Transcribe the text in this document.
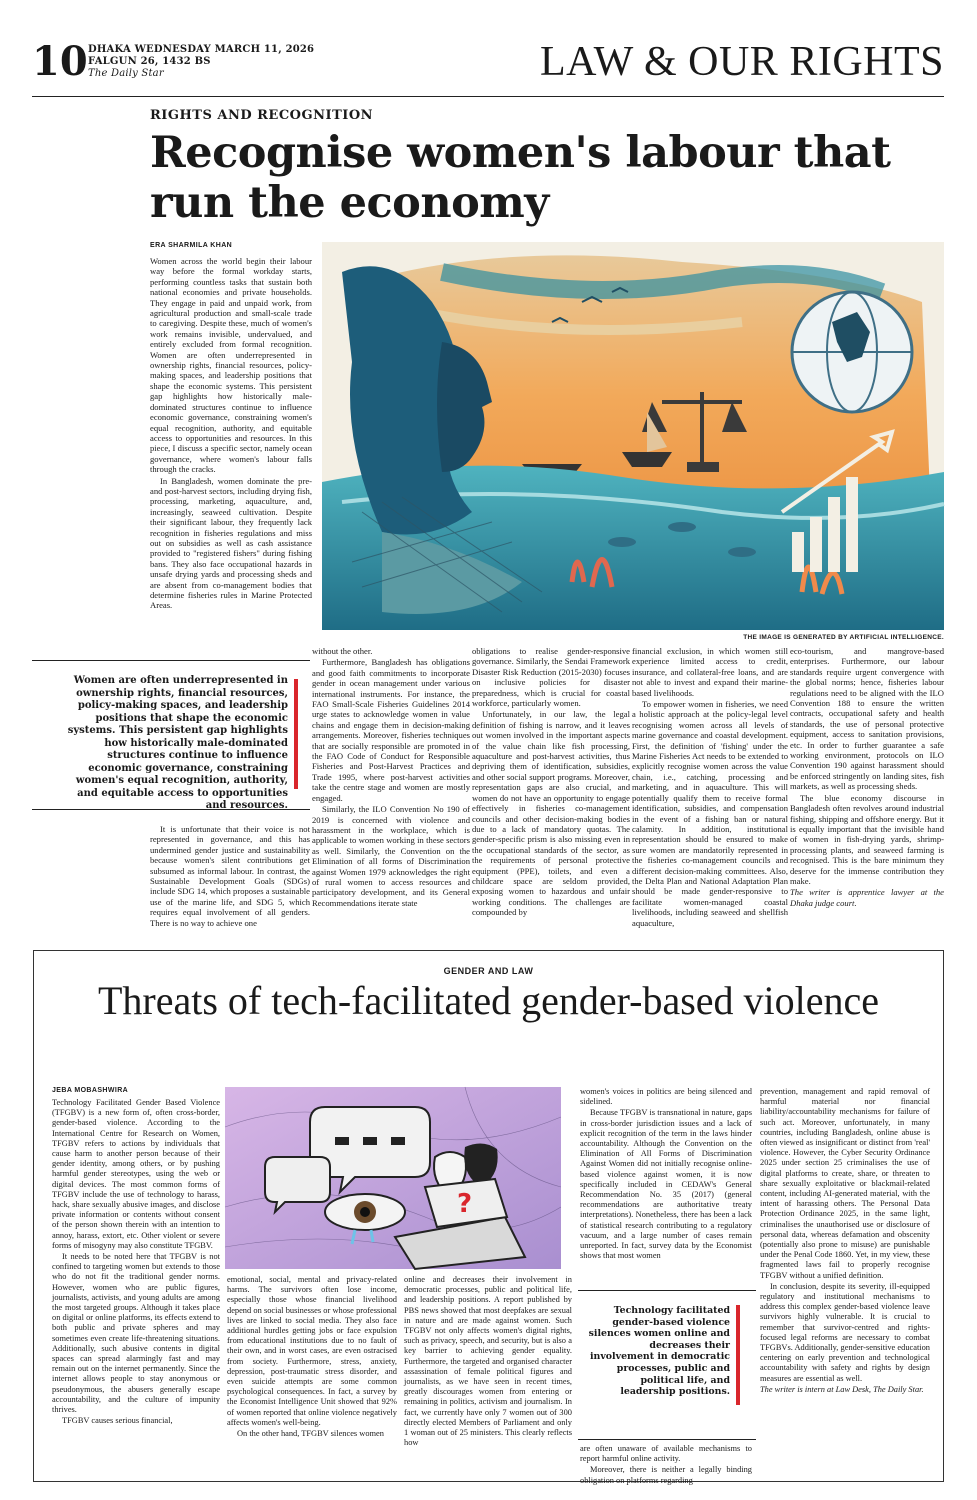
10 DHAKA WEDNESDAY MARCH 11, 2026
FALGUN 26, 1432 BS
The Daily Star	LAW & OUR RIGHTS
RIGHTS AND RECOGNITION
Recognise women's labour that run the economy
ERA SHARMILA KHAN

Women across the world begin their labour way before the formal workday starts, performing countless tasks that sustain both national economies and private households. They engage in paid and unpaid work, from agricultural production and small-scale trade to caregiving. Despite these, much of women's work remains invisible, undervalued, and entirely excluded from formal recognition. Women are often underrepresented in ownership rights, financial resources, policy-making spaces, and leadership positions that shape the economic systems. This persistent gap highlights how historically male-dominated structures continue to influence economic governance, constraining women's equal recognition, authority, and equitable access to opportunities and resources. In this piece, I discuss a specific sector, namely ocean governance, where women's labour falls through the cracks.

In Bangladesh, women dominate the pre- and post-harvest sectors, including drying fish, processing, marketing, aquaculture, and, increasingly, seaweed cultivation. Despite their significant labour, they frequently lack recognition in fisheries regulations and miss out on subsidies as well as cash assistance provided to "registered fishers" during fishing bans. They also face occupational hazards in unsafe drying yards and processing sheds and are absent from co-management bodies that determine fisheries rules in Marine Protected Areas.

THE IMAGE IS GENERATED BY ARTIFICIAL INTELLIGENCE.
Women are often underrepresented in ownership rights, financial resources, policy-making spaces, and leadership positions that shape the economic systems. This persistent gap highlights how historically male-dominated structures continue to influence economic governance, constraining women's equal recognition, authority, and equitable access to opportunities and resources.

It is unfortunate that their voice is not represented in governance, and this has undermined gender justice and sustainability because women's silent contributions get subsumed as informal labour. In contrast, the Sustainable Development Goals (SDGs) include SDG 14, which proposes a sustainable use of the marine life, and SDG 5, which requires equal involvement of all genders. There is no way to achieve one

without the other.

Furthermore, Bangladesh has obligations and good faith commitments to incorporate gender in ocean management under various international instruments. For instance, the FAO Small-Scale Fisheries Guidelines 2014 urge states to acknowledge women in value chains and engage them in decision-making arrangements. Moreover, fisheries techniques that are socially responsible are promoted in the FAO Code of Conduct for Responsible Fisheries and Post-Harvest Practices and Trade 1995, where post-harvest activities take the centre stage and women are mostly engaged.

Similarly, the ILO Convention No 190 of 2019 is concerned with violence and harassment in the workplace, which is applicable to women working in these sectors as well. Similarly, the Convention on the Elimination of all forms of Discrimination against Women 1979 acknowledges the right of rural women to access resources and participatory development, and its General Recommendations iterate state

obligations to realise gender-responsive governance. Similarly, the Sendai Framework Disaster Risk Reduction (2015-2030) focuses on inclusive policies for disaster preparedness, which is crucial for coastal workforce, particularly women.

Unfortunately, in our law, the legal definition of fishing is narrow, and it leaves out women involved in the important aspects of the value chain like fish processing, aquaculture and post-harvest activities, thus depriving them of identification, subsidies, and other social support programs. Moreover, representation gaps are also crucial, and women do not have an opportunity to engage effectively in fisheries co-management councils and other decision-making bodies due to a lack of mandatory quotas. The gender-specific prism is also missing even in the occupational standards of the sector, as the requirements of personal protective equipment (PPE), toilets, and even a childcare space are seldom provided, exposing women to hazardous and unfair working conditions. The challenges are compounded by

financial exclusion, in which women still experience limited access to credit, insurance, and collateral-free loans, and are not able to invest and expand their marine-based livelihoods.

To empower women in fisheries, we need a holistic approach at the policy-legal level recognising women across all levels of marine governance and coastal development. First, the definition of 'fishing' under the Marine Fisheries Act needs to be extended to explicitly recognise women across the value chain, i.e., catching, processing and marketing, and in aquaculture. This will potentially qualify them to receive formal identification, subsidies, and compensation in the event of a fishing ban or natural calamity. In addition, institutional representation should be ensured to make sure women are mandatorily represented in the fisheries co-management councils and different decision-making committees. Also, the Delta Plan and National Adaptation Plan should be made gender-responsive to facilitate women-managed coastal livelihoods, including seaweed and shellfish aquaculture,

eco-tourism, and mangrove-based enterprises. Furthermore, our labour standards require urgent convergence with the global norms; hence, fisheries labour regulations need to be aligned with the ILO Convention 188 to ensure the written contracts, occupational safety and health standards, the use of personal protective equipment, access to sanitation provisions, etc. In order to further guarantee a safe working environment, protocols on ILO Convention 190 against harassment should be enforced stringently on landing sites, fish markets, as well as processing sheds.

The blue economy discourse in Bangladesh often revolves around industrial fishing, shipping and offshore energy. But it is equally important that the invisible hand of women in fish-drying yards, shrimp-processing plants, and seaweed farming is recognised. This is the bare minimum they deserve for the immense contribution they make.

The writer is apprentice lawyer at the Dhaka judge court.

GENDER AND LAW
Threats of tech-facilitated gender-based violence
JEBA MOBASHWIRA
?

Technology Facilitated Gender Based Violence (TFGBV) is a new form of, often cross-border, gender-based violence. According to the International Centre for Research on Women, TFGBV refers to actions by individuals that cause harm to another person because of their gender identity, among others, or by pushing harmful gender stereotypes, using the web or digital devices. The most common forms of TFGBV include the use of technology to harass, hack, share sexually abusive images, and disclose private information or contents without consent of the person shown therein with an intention to annoy, harass, extort, etc. Other violent or severe forms of misogyny may also constitute TFGBV.

It needs to be noted here that TFGBV is not confined to targeting women but extends to those who do not fit the traditional gender norms. However, women who are public figures, journalists, activists, and young adults are among the most targeted groups. Although it takes place on digital or online platforms, its effects extend to both public and private spheres and may sometimes even create life-threatening situations. Additionally, such abusive contents in digital spaces can spread alarmingly fast and may remain out on the internet permanently. Since the internet allows people to stay anonymous or pseudonymous, the abusers generally escape accountability, and the culture of impunity thrives.

TFGBV causes serious financial,

emotional, social, mental and privacy-related harms. The survivors often lose income, especially those whose financial livelihood depend on social businesses or whose professional lives are linked to social media. They also face additional hurdles getting jobs or face expulsion from educational institutions due to no fault of their own, and in worst cases, are even ostracised from society. Furthermore, stress, anxiety, depression, post-traumatic stress disorder, and even suicide attempts are some common psychological consequences. In fact, a survey by the Economist Intelligence Unit showed that 92% of women reported that online violence negatively affects women's well-being.

On the other hand, TFGBV silences women

online and decreases their involvement in democratic processes, public and political life, and leadership positions. A report published by PBS news showed that most deepfakes are sexual in nature and are made against women. Such TFGBV not only affects women's digital rights, such as privacy, speech, and security, but is also a key barrier to achieving gender equality. Furthermore, the targeted and organised character assassination of female political figures and journalists, as we have seen in recent times, greatly discourages women from entering or remaining in politics, activism and journalism. In fact, we currently have only 7 women out of 300 directly elected Members of Parliament and only 1 woman out of 25 ministers. This clearly reflects how

women's voices in politics are being silenced and sidelined.

Because TFGBV is transnational in nature, gaps in cross-border jurisdiction issues and a lack of explicit recognition of the term in the laws hinder accountability. Although the Convention on the Elimination of All Forms of Discrimination Against Women did not initially recognise online-based violence against women, it is now specifically included in CEDAW's General Recommendation No. 35 (2017) (general recommendations are authoritative treaty interpretations). Nonetheless, there has been a lack of statistical research contributing to a regulatory vacuum, and a large number of cases remain unreported. In fact, survey data by the Economist shows that most women

Technology facilitated gender-based violence silences women online and decreases their involvement in democratic processes, public and political life, and leadership positions.

are often unaware of available mechanisms to report harmful online activity.

Moreover, there is neither a legally binding obligation on platforms regarding

prevention, management and rapid removal of harmful material nor financial liability/accountability mechanisms for failure of such act. Moreover, unfortunately, in many countries, including Bangladesh, online abuse is often viewed as insignificant or distinct from 'real' violence. However, the Cyber Security Ordinance 2025 under section 25 criminalises the use of digital platforms to create, share, or threaten to share sexually exploitative or blackmail-related content, including AI-generated material, with the intent of harassing others. The Personal Data Protection Ordinance 2025, in the same light, criminalises the unauthorised use or disclosure of personal data, whereas defamation and obscenity (potentially also prone to misuse) are punishable under the Penal Code 1860. Yet, in my view, these fragmented laws fail to properly recognise TFGBV without a unified definition.

In conclusion, despite its severity, ill-equipped regulatory and institutional mechanisms to address this complex gender-based violence leave survivors highly vulnerable. It is crucial to remember that survivor-centred and rights-focused legal reforms are necessary to combat TFGBVs. Additionally, gender-sensitive education centering on early prevention and technological accountability with safety and rights by design measures are essential as well.

The writer is intern at Law Desk, The Daily Star.
